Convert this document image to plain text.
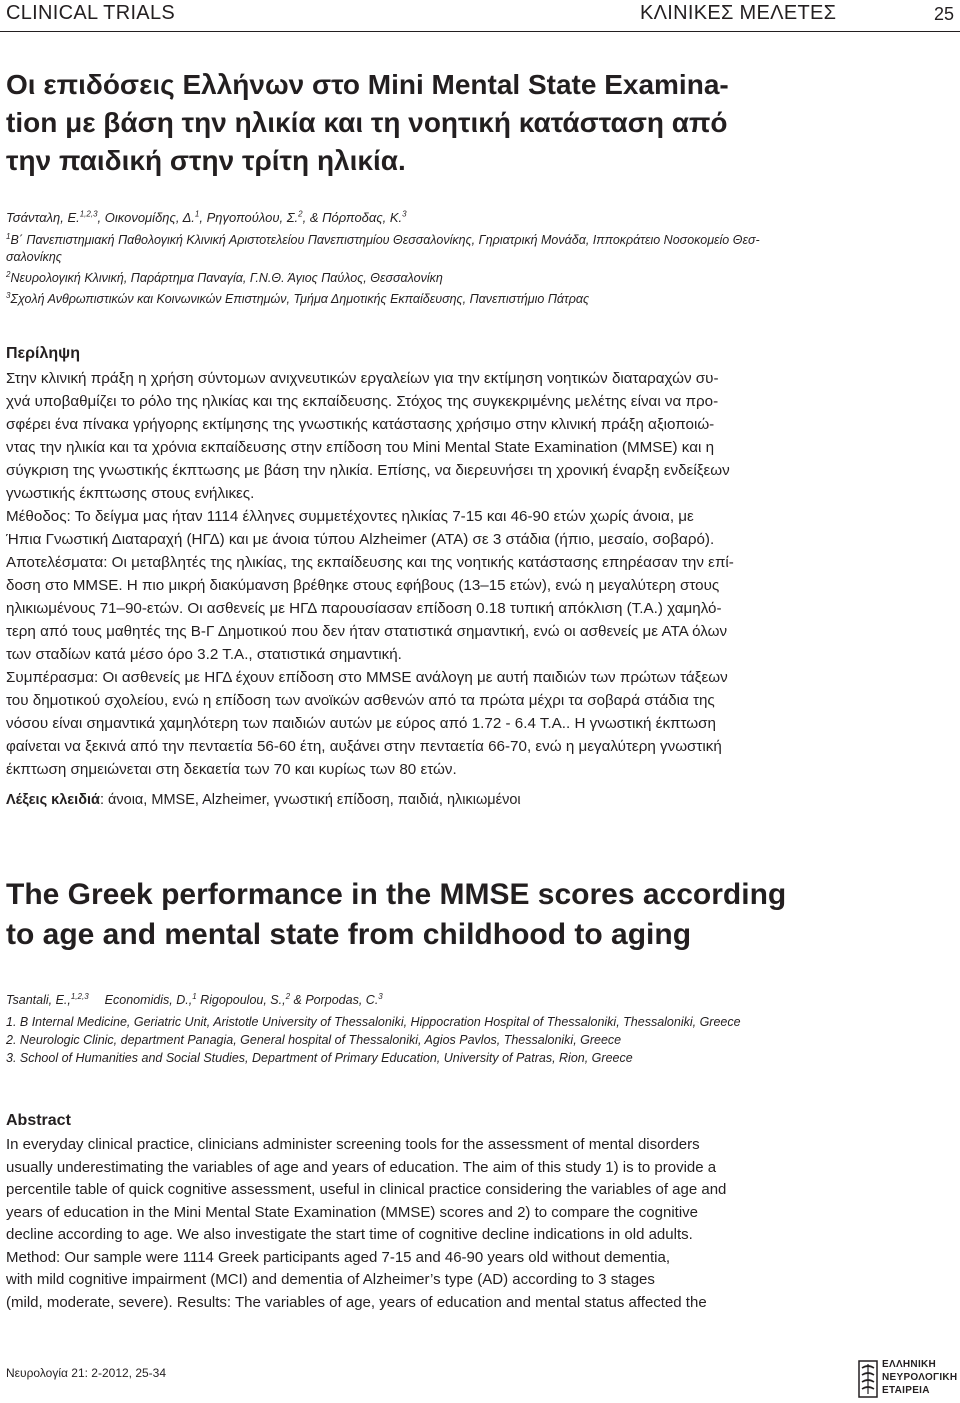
CLINICAL TRIALS	ΚΛΙΝΙΚΕΣ ΜΕΛΕΤΕΣ	25
Οι επιδόσεις Ελλήνων στο Mini Mental State Examina-
tion με βάση την ηλικία και τη νοητική κατάσταση από
την παιδική στην τρίτη ηλικία.
Τσάνταλη, Ε.$^{1,2,3}$, Οικονομίδης, Δ.$^1$, Ρηγοπούλου, Σ.$^2$, & Πόρποδας, Κ.$^3$
$^1$Β΄ Πανεπιστημιακή Παθολογική Κλινική Αριστοτελείου Πανεπιστημίου Θεσσαλονίκης, Γηριατρική Μονάδα, Ιπποκράτειο Νοσοκομείο Θεσ-
σαλονίκης
$^2$Νευρολογική Κλινική, Παράρτημα Παναγία, Γ.Ν.Θ. Άγιος Παύλος, Θεσσαλονίκη
$^3$Σχολή Ανθρωπιστικών και Κοινωνικών Επιστημών, Τμήμα Δημοτικής Εκπαίδευσης, Πανεπιστήμιο Πάτρας
Περίληψη
Στην κλινική πράξη η χρήση σύντομων ανιχνευτικών εργαλείων για την εκτίμηση νοητικών διαταραχών συ-
χνά υποβαθμίζει το ρόλο της ηλικίας και της εκπαίδευσης. Στόχος της συγκεκριμένης μελέτης είναι να προ-
σφέρει ένα πίνακα γρήγορης εκτίμησης της γνωστικής κατάστασης χρήσιμο στην κλινική πράξη αξιοποιώ-
ντας την ηλικία και τα χρόνια εκπαίδευσης στην επίδοση του Mini Mental State Examination (MMSE) και η
σύγκριση της γνωστικής έκπτωσης με βάση την ηλικία. Επίσης, να διερευνήσει τη χρονική έναρξη ενδείξεων
γνωστικής έκπτωσης στους ενήλικες.
Μέθοδος: Το δείγμα μας ήταν 1114 έλληνες συμμετέχοντες ηλικίας 7-15 και 46-90 ετών χωρίς άνοια, με
Ήπια Γνωστική Διαταραχή (ΗΓΔ) και με άνοια τύπου Alzheimer (ΑΤΑ) σε 3 στάδια (ήπιο, μεσαίο, σοβαρό).
Αποτελέσματα: Οι μεταβλητές της ηλικίας, της εκπαίδευσης και της νοητικής κατάστασης επηρέασαν την επί-
δοση στο MMSE. Η πιο μικρή διακύμανση βρέθηκε στους εφήβους (13–15 ετών), ενώ η μεγαλύτερη στους
ηλικιωμένους 71–90-ετών. Οι ασθενείς με ΗΓΔ παρουσίασαν επίδοση 0.18 τυπική απόκλιση (Τ.Α.) χαμηλό-
τερη από τους μαθητές της Β-Γ Δημοτικού που δεν ήταν στατιστικά σημαντική, ενώ οι ασθενείς με ΑΤΑ όλων
των σταδίων κατά μέσο όρο 3.2 Τ.Α., στατιστικά σημαντική.
Συμπέρασμα: Οι ασθενείς με ΗΓΔ έχουν επίδοση στο MMSE ανάλογη με αυτή παιδιών των πρώτων τάξεων
του δημοτικού σχολείου, ενώ η επίδοση των ανοϊκών ασθενών από τα πρώτα μέχρι τα σοβαρά στάδια της
νόσου είναι σημαντικά χαμηλότερη των παιδιών αυτών με εύρος από 1.72 - 6.4 Τ.Α.. Η γνωστική έκπτωση
φαίνεται να ξεκινά από την πενταετία 56-60 έτη, αυξάνει στην πενταετία 66-70, ενώ η μεγαλύτερη γνωστική
έκπτωση σημειώνεται στη δεκαετία των 70 και κυρίως των 80 ετών.
Λέξεις κλειδιά: άνοια, MMSE, Alzheimer, γνωστική επίδοση, παιδιά, ηλικιωμένοι
The Greek performance in the MMSE scores according
to age and mental state from childhood to aging
Tsantali, E.,$^{1,2,3}$ Economidis, D.,$^1$ Rigopoulou, S.,$^2$ & Porpodas, C.$^3$
1. B Internal Medicine, Geriatric Unit, Aristotle University of Thessaloniki, Hippocration Hospital of Thessaloniki, Thessaloniki, Greece
2. Neurologic Clinic, department Panagia, General hospital of Thessaloniki, Agios Pavlos, Thessaloniki, Greece
3. School of Humanities and Social Studies, Department of Primary Education, University of Patras, Rion, Greece
Abstract
In everyday clinical practice, clinicians administer screening tools for the assessment of mental disorders
usually underestimating the variables of age and years of education. The aim of this study 1) is to provide a
percentile table of quick cognitive assessment, useful in clinical practice considering the variables of age and
years of education in the Mini Mental State Examination (MMSE) scores and 2) to compare the cognitive
decline according to age. We also investigate the start time of cognitive decline indications in old adults.
Method: Our sample were 1114 Greek participants aged 7-15 and 46-90 years old without dementia,
with mild cognitive impairment (MCI) and dementia of Alzheimer’s type (AD) according to 3 stages
(mild, moderate, severe). Results: The variables of age, years of education and mental status affected the
Νευρολογία 21: 2-2012, 25-34
ΕΛΛΗΝΙΚΗ
ΝΕΥΡΟΛΟΓΙΚΗ
ΕΤΑΙΡΕΙΑ
